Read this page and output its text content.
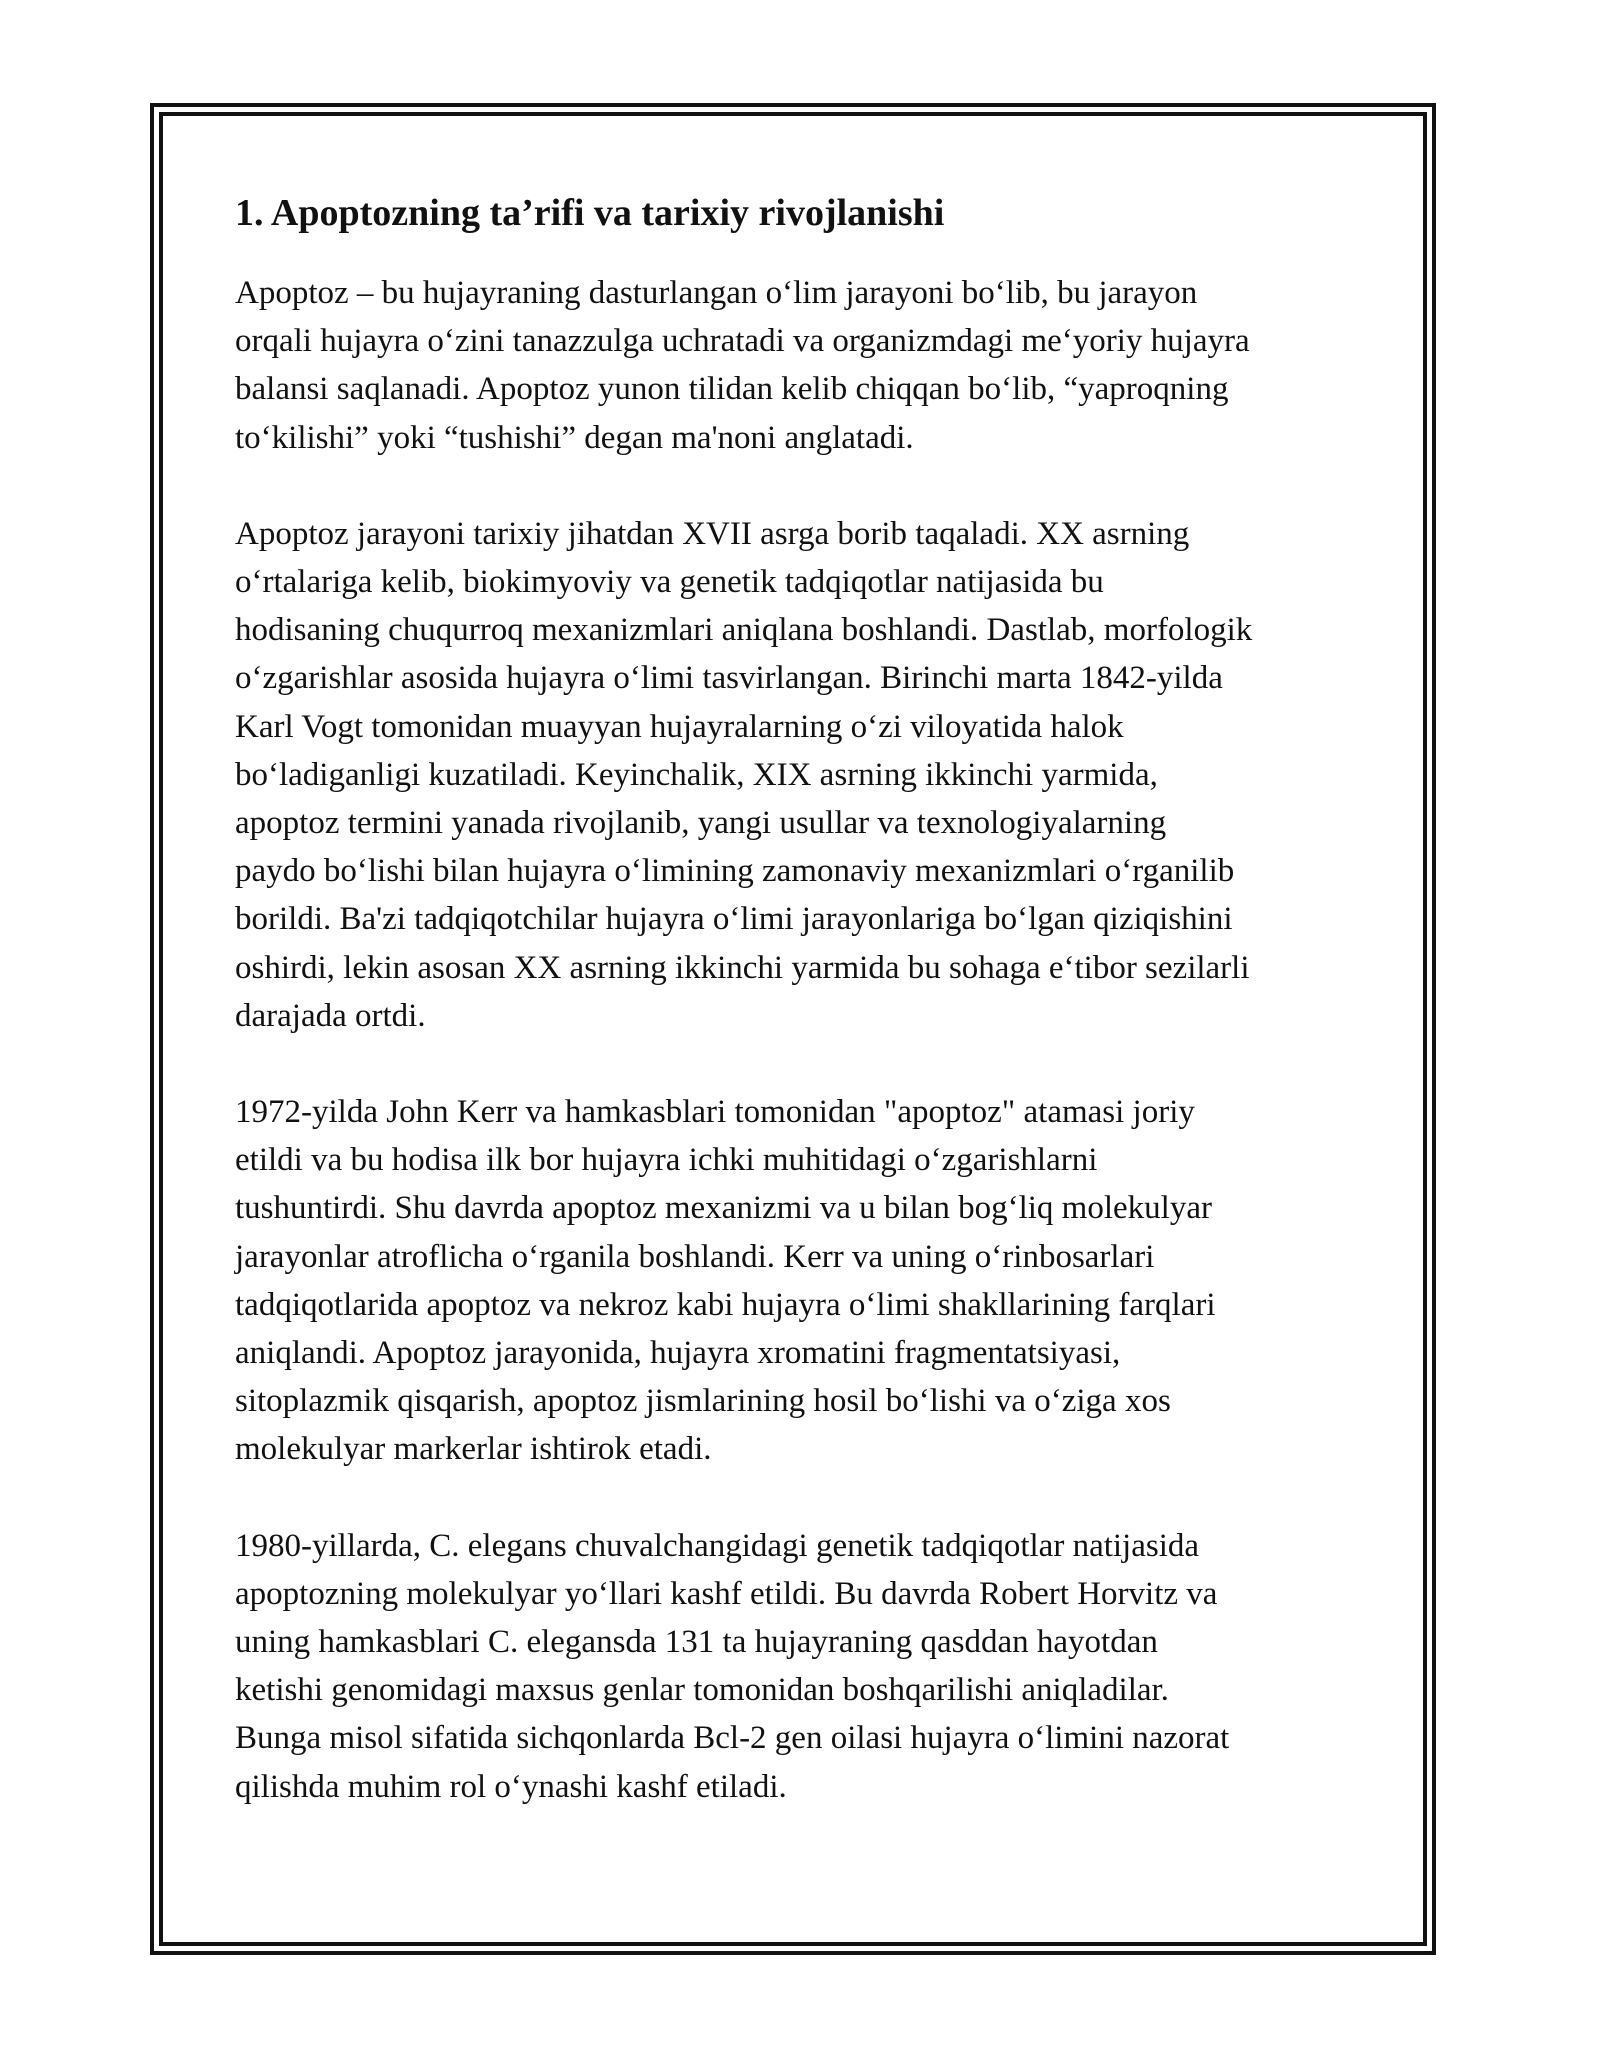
1. Apoptozning ta’rifi va tarixiy rivojlanishi

Apoptoz – bu hujayraning dasturlangan o‘lim jarayoni bo‘lib, bu jarayon
orqali hujayra o‘zini tanazzulga uchratadi va organizmdagi me‘yoriy hujayra
balansi saqlanadi. Apoptoz yunon tilidan kelib chiqqan bo‘lib, “yaproqning
to‘kilishi” yoki “tushishi” degan ma'noni anglatadi.

Apoptoz jarayoni tarixiy jihatdan XVII asrga borib taqaladi. XX asrning
o‘rtalariga kelib, biokimyoviy va genetik tadqiqotlar natijasida bu
hodisaning chuqurroq mexanizmlari aniqlana boshlandi. Dastlab, morfologik
o‘zgarishlar asosida hujayra o‘limi tasvirlangan. Birinchi marta 1842-yilda
Karl Vogt tomonidan muayyan hujayralarning o‘zi viloyatida halok
bo‘ladiganligi kuzatiladi. Keyinchalik, XIX asrning ikkinchi yarmida,
apoptoz termini yanada rivojlanib, yangi usullar va texnologiyalarning
paydo bo‘lishi bilan hujayra o‘limining zamonaviy mexanizmlari o‘rganilib
borildi. Ba'zi tadqiqotchilar hujayra o‘limi jarayonlariga bo‘lgan qiziqishini
oshirdi, lekin asosan XX asrning ikkinchi yarmida bu sohaga e‘tibor sezilarli
darajada ortdi.

1972-yilda John Kerr va hamkasblari tomonidan "apoptoz" atamasi joriy
etildi va bu hodisa ilk bor hujayra ichki muhitidagi o‘zgarishlarni
tushuntirdi. Shu davrda apoptoz mexanizmi va u bilan bog‘liq molekulyar
jarayonlar atroflicha o‘rganila boshlandi. Kerr va uning o‘rinbosarlari
tadqiqotlarida apoptoz va nekroz kabi hujayra o‘limi shakllarining farqlari
aniqlandi. Apoptoz jarayonida, hujayra xromatini fragmentatsiyasi,
sitoplazmik qisqarish, apoptoz jismlarining hosil bo‘lishi va o‘ziga xos
molekulyar markerlar ishtirok etadi.

1980-yillarda, C. elegans chuvalchangidagi genetik tadqiqotlar natijasida
apoptozning molekulyar yo‘llari kashf etildi. Bu davrda Robert Horvitz va
uning hamkasblari C. elegansda 131 ta hujayraning qasddan hayotdan
ketishi genomidagi maxsus genlar tomonidan boshqarilishi aniqladilar.
Bunga misol sifatida sichqonlarda Bcl-2 gen oilasi hujayra o‘limini nazorat
qilishda muhim rol o‘ynashi kashf etiladi.
